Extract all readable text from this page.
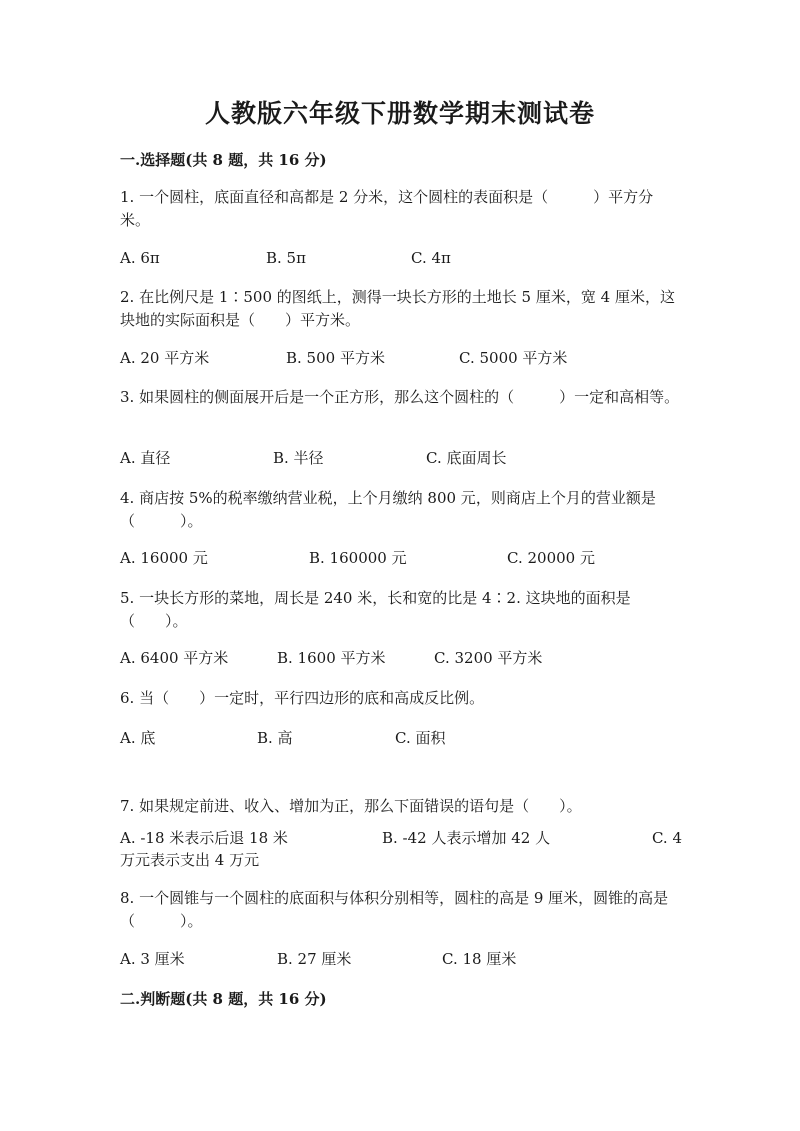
人教版六年级下册数学期末测试卷
一.选择题(共 8 题，共 16 分)
1. 一个圆柱，底面直径和高都是 2 分米，这个圆柱的表面积是（　　　）平方分米。
A. 6π	B. 5π	C. 4π
2. 在比例尺是 1∶500 的图纸上，测得一块长方形的土地长 5 厘米，宽 4 厘米，这块地的实际面积是（　　）平方米。
A. 20 平方米	B. 500 平方米	C. 5000 平方米
3. 如果圆柱的侧面展开后是一个正方形，那么这个圆柱的（　　　）一定和高相等。
A. 直径	B. 半径	C. 底面周长
4. 商店按 5%的税率缴纳营业税，上个月缴纳 800 元，则商店上个月的营业额是（　　　）。
A. 16000 元	B. 160000 元	C. 20000 元
5. 一块长方形的菜地，周长是 240 米，长和宽的比是 4∶2. 这块地的面积是（　　）。
A. 6400 平方米	B. 1600 平方米	C. 3200 平方米
6. 当（　　）一定时，平行四边形的底和高成反比例。
A. 底	B. 高	C. 面积
7. 如果规定前进、收入、增加为正，那么下面错误的语句是（　　）。
A. -18 米表示后退 18 米	B. -42 人表示增加 42 人	C. 4
万元表示支出 4 万元
8. 一个圆锥与一个圆柱的底面积与体积分别相等，圆柱的高是 9 厘米，圆锥的高是（　　　）。
A. 3 厘米	B. 27 厘米	C. 18 厘米
二.判断题(共 8 题，共 16 分)
